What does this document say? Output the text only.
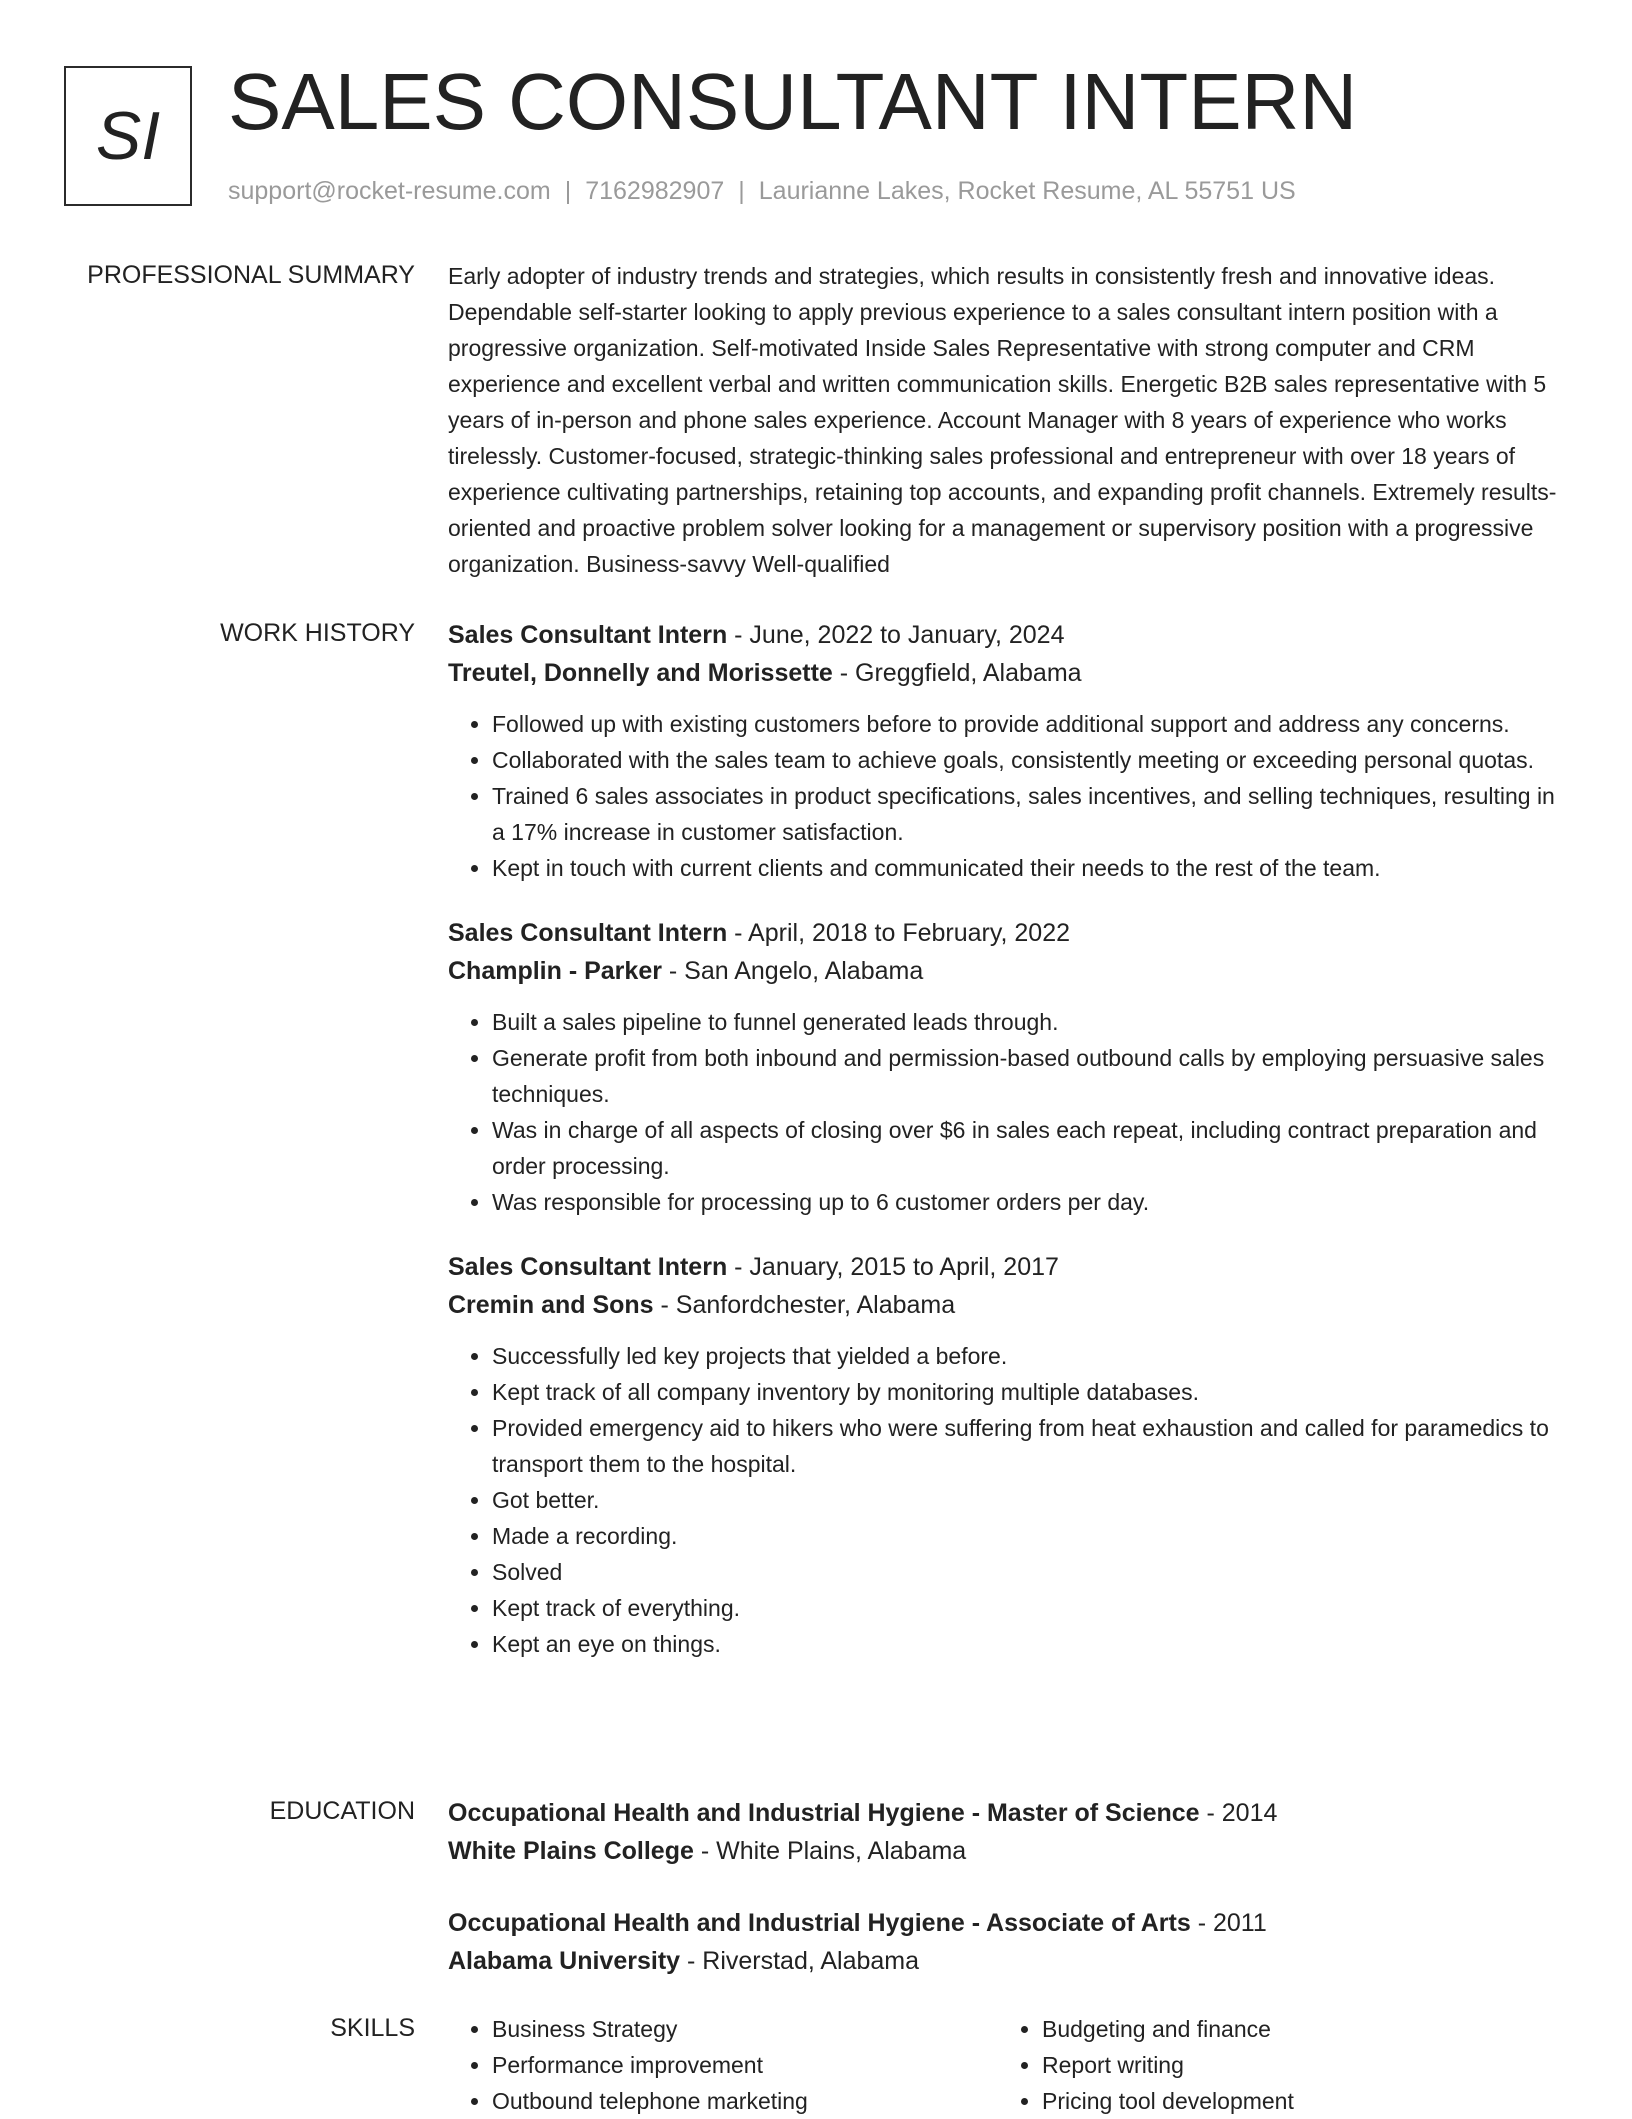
SI SALES CONSULTANT INTERN
support@rocket-resume.com | 7162982907 | Laurianne Lakes, Rocket Resume, AL 55751 US
PROFESSIONAL SUMMARY Early adopter of industry trends and strategies, which results in consistently fresh and innovative ideas. Dependable self-starter looking to apply previous experience to a sales consultant intern position with a progressive organization. Self-motivated Inside Sales Representative with strong computer and CRM experience and excellent verbal and written communication skills. Energetic B2B sales representative with 5 years of in-person and phone sales experience. Account Manager with 8 years of experience who works tirelessly. Customer-focused, strategic-thinking sales professional and entrepreneur with over 18 years of experience cultivating partnerships, retaining top accounts, and expanding profit channels. Extremely results-oriented and proactive problem solver looking for a management or supervisory position with a progressive organization. Business-savvy Well-qualified

WORK HISTORY Sales Consultant Intern - June, 2022 to January, 2024
Treutel, Donnelly and Morissette - Greggfield, Alabama
• Followed up with existing customers before to provide additional support and address any concerns.
• Collaborated with the sales team to achieve goals, consistently meeting or exceeding personal quotas.
• Trained 6 sales associates in product specifications, sales incentives, and selling techniques, resulting in a 17% increase in customer satisfaction.
• Kept in touch with current clients and communicated their needs to the rest of the team.
Sales Consultant Intern - April, 2018 to February, 2022
Champlin - Parker - San Angelo, Alabama
• Built a sales pipeline to funnel generated leads through.
• Generate profit from both inbound and permission-based outbound calls by employing persuasive sales techniques.
• Was in charge of all aspects of closing over $6 in sales each repeat, including contract preparation and order processing.
• Was responsible for processing up to 6 customer orders per day.
Sales Consultant Intern - January, 2015 to April, 2017
Cremin and Sons - Sanfordchester, Alabama
• Successfully led key projects that yielded a before.
• Kept track of all company inventory by monitoring multiple databases.
• Provided emergency aid to hikers who were suffering from heat exhaustion and called for paramedics to transport them to the hospital.
• Got better.
• Made a recording.
• Solved
• Kept track of everything.
• Kept an eye on things.
EDUCATION Occupational Health and Industrial Hygiene - Master of Science - 2014
White Plains College - White Plains, Alabama
Occupational Health and Industrial Hygiene - Associate of Arts - 2011
Alabama University - Riverstad, Alabama
SKILLS
•	Business Strategy
• Performance improvement
• Outbound telephone marketing
• Budgeting and finance
• Report writing
• Pricing tool development
